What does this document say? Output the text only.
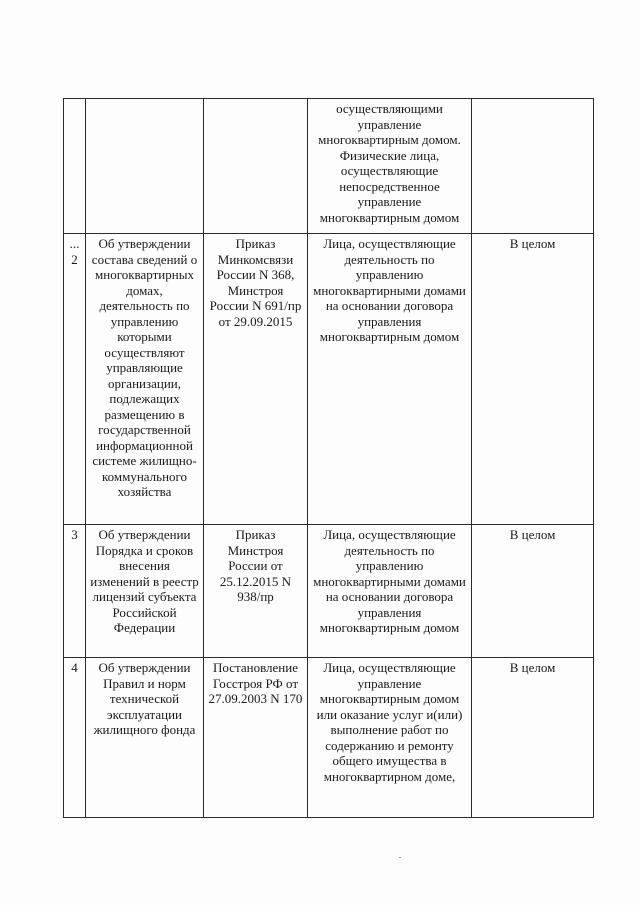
			осуществляющими управление многоквартирным домом. Физические лица, осуществляющие непосредственное управление многоквартирным домом	

...2	Об утверждении состава сведений о многоквартирных домах, деятельность по управлению которыми осуществляют управляющие организации, подлежащих размещению в государственной информационной системе жилищно-коммунального хозяйства	Приказ Минкомсвязи России N 368, Минстроя России N 691/пр от 29.09.2015	Лица, осуществляющие деятельность по управлению многоквартирными домами на основании договора управления многоквартирным домом	В целом

3	Об утверждении Порядка и сроков внесения изменений в реестр лицензий субъекта Российской Федерации	Приказ Минстроя России от 25.12.2015 N 938/пр	Лица, осуществляющие деятельность по управлению многоквартирными домами на основании договора управления многоквартирным домом	В целом

4	Об утверждении Правил и норм технической эксплуатации жилищного фонда	Постановление Госстроя РФ от 27.09.2003 N 170	Лица, осуществляющие управление многоквартирным домом или оказание услуг и(или) выполнение работ по содержанию и ремонту общего имущества в многоквартирном доме,	В целом
